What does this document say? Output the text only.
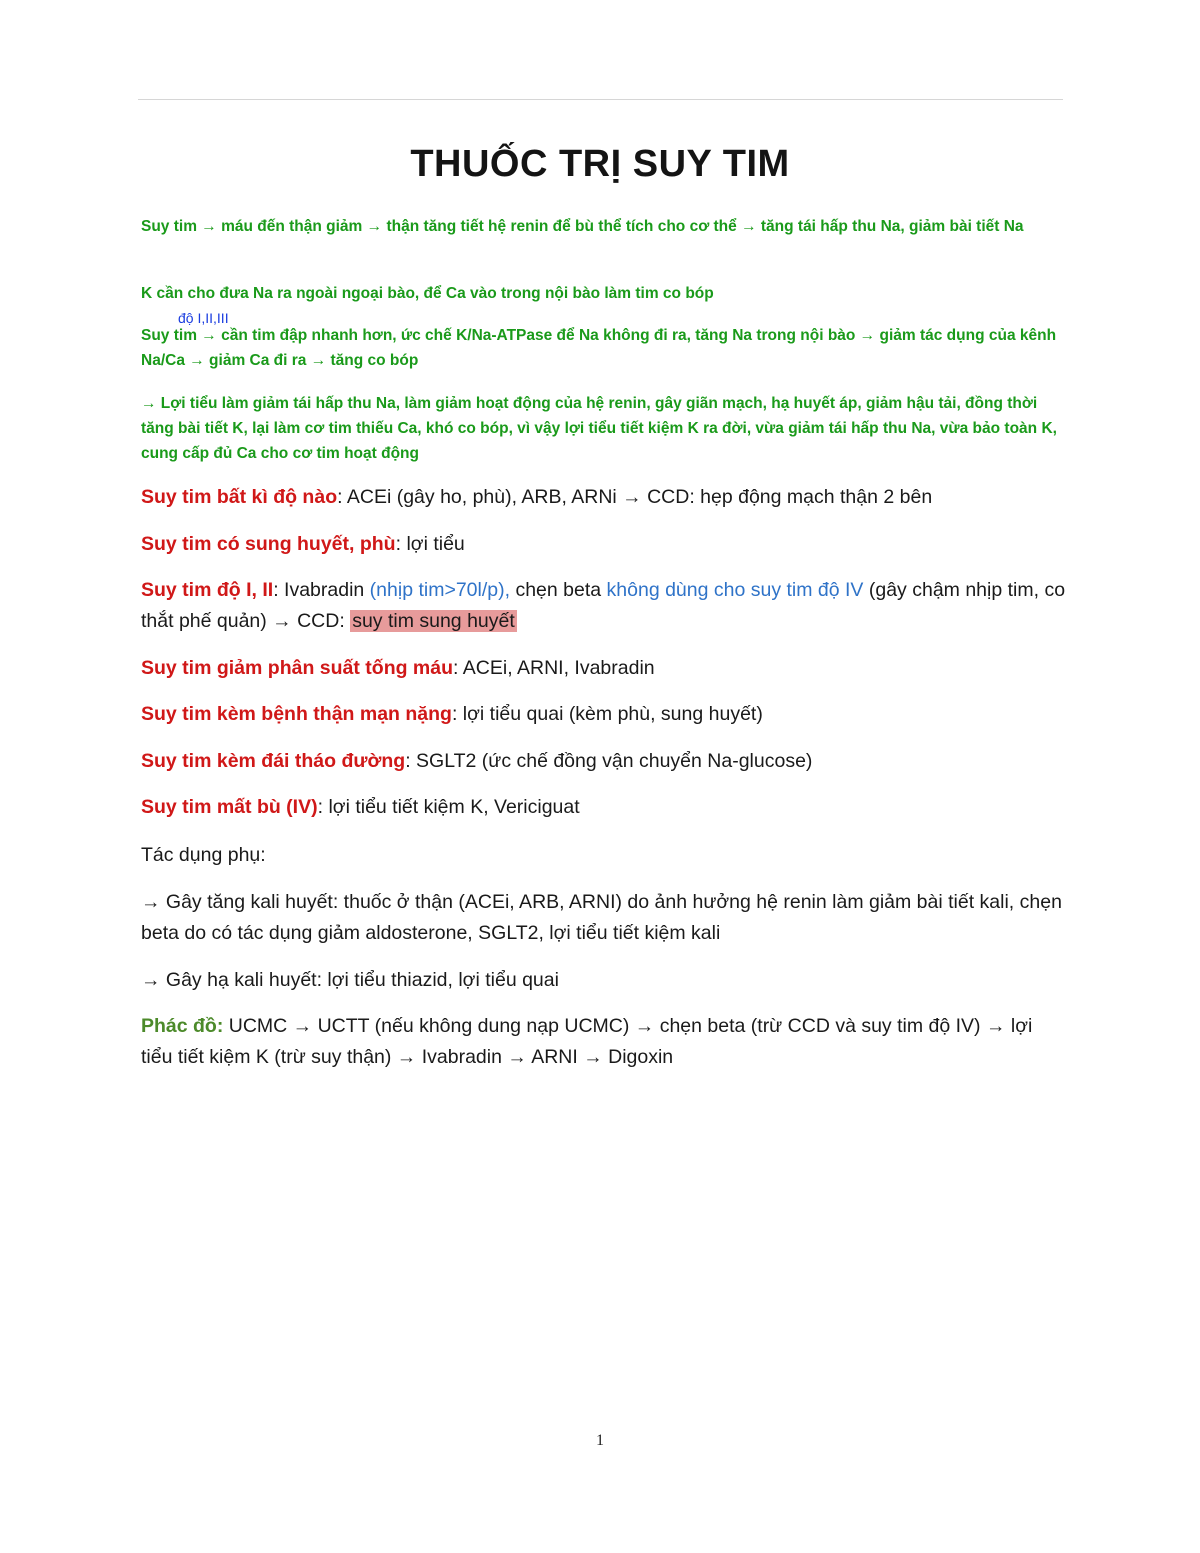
THUỐC TRỊ SUY TIM
Suy tim → máu đến thận giảm → thận tăng tiết hệ renin để bù thể tích cho cơ thể → tăng tái hấp thu Na, giảm bài tiết Na
K cần cho đưa Na ra ngoài ngoại bào, để Ca vào trong nội bào làm tim co bóp
độ I,II,III
Suy tim → cần tim đập nhanh hơn, ức chế K/Na-ATPase để Na không đi ra, tăng Na trong nội bào → giảm tác dụng của kênh Na/Ca → giảm Ca đi ra → tăng co bóp
→ Lợi tiểu làm giảm tái hấp thu Na, làm giảm hoạt động của hệ renin, gây giãn mạch, hạ huyết áp, giảm hậu tải, đồng thời tăng bài tiết K, lại làm cơ tim thiếu Ca, khó co bóp, vì vậy lợi tiểu tiết kiệm K ra đời, vừa giảm tái hấp thu Na, vừa bảo toàn K, cung cấp đủ Ca cho cơ tim hoạt động
Suy tim bất kì độ nào: ACEi (gây ho, phù), ARB, ARNi → CCD: hẹp động mạch thận 2 bên
Suy tim có sung huyết, phù: lợi tiểu
Suy tim độ I, II: Ivabradin (nhịp tim>70l/p), chẹn beta không dùng cho suy tim độ IV (gây chậm nhịp tim, co thắt phế quản) → CCD: suy tim sung huyết
Suy tim giảm phân suất tống máu: ACEi, ARNI, Ivabradin
Suy tim kèm bệnh thận mạn nặng: lợi tiểu quai (kèm phù, sung huyết)
Suy tim kèm đái tháo đường: SGLT2 (ức chế đồng vận chuyển Na-glucose)
Suy tim mất bù (IV): lợi tiểu tiết kiệm K, Vericiguat
Tác dụng phụ:
→ Gây tăng kali huyết: thuốc ở thận (ACEi, ARB, ARNI) do ảnh hưởng hệ renin làm giảm bài tiết kali, chẹn beta do có tác dụng giảm aldosterone, SGLT2, lợi tiểu tiết kiệm kali
→ Gây hạ kali huyết: lợi tiểu thiazid, lợi tiểu quai
Phác đồ: UCMC → UCTT (nếu không dung nạp UCMC) → chẹn beta (trừ CCD và suy tim độ IV) → lợi tiểu tiết kiệm K (trừ suy thận) → Ivabradin → ARNI → Digoxin
1
